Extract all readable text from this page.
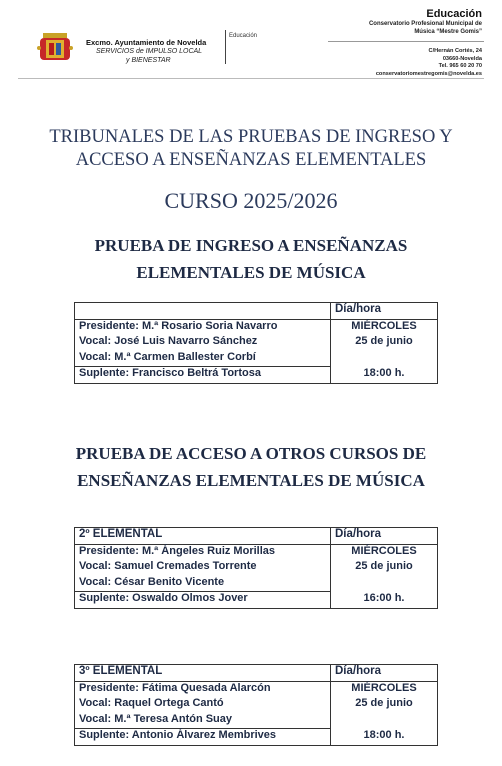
Excmo. Ayuntamiento de Novelda
SERVICIOS de IMPULSO LOCAL
y BIENESTAR
Educación
Educación
Conservatorio Profesional Municipal de
Música “Mestre Gomis”
C/Hernán Cortés, 24
03660-Novelda
Tel. 965 60 20 70
conservatoriomestregomis@novelda.es
TRIBUNALES DE LAS PRUEBAS DE INGRESO Y
ACCESO A ENSEÑANZAS ELEMENTALES
CURSO 2025/2026
PRUEBA DE INGRESO A ENSEÑANZAS
ELEMENTALES DE MÚSICA
	Día/hora
Presidente: M.ª Rosario Soria Navarro	MIÉRCOLES
Vocal: José Luis Navarro Sánchez	25 de junio
Vocal: M.ª Carmen Ballester Corbí	
Suplente: Francisco Beltrá Tortosa	18:00 h.
PRUEBA DE ACCESO A OTROS CURSOS DE
ENSEÑANZAS ELEMENTALES DE MÚSICA
2º ELEMENTAL	Día/hora
Presidente: M.ª Ángeles Ruiz Morillas	MIÉRCOLES
Vocal: Samuel Cremades Torrente	25 de junio
Vocal: César Benito Vicente	
Suplente: Oswaldo Olmos Jover	16:00 h.
3º ELEMENTAL	Día/hora
Presidente: Fátima Quesada Alarcón	MIÉRCOLES
Vocal: Raquel Ortega Cantó	25 de junio
Vocal: M.ª Teresa Antón Suay	
Suplente: Antonio Álvarez Membrives	18:00 h.
